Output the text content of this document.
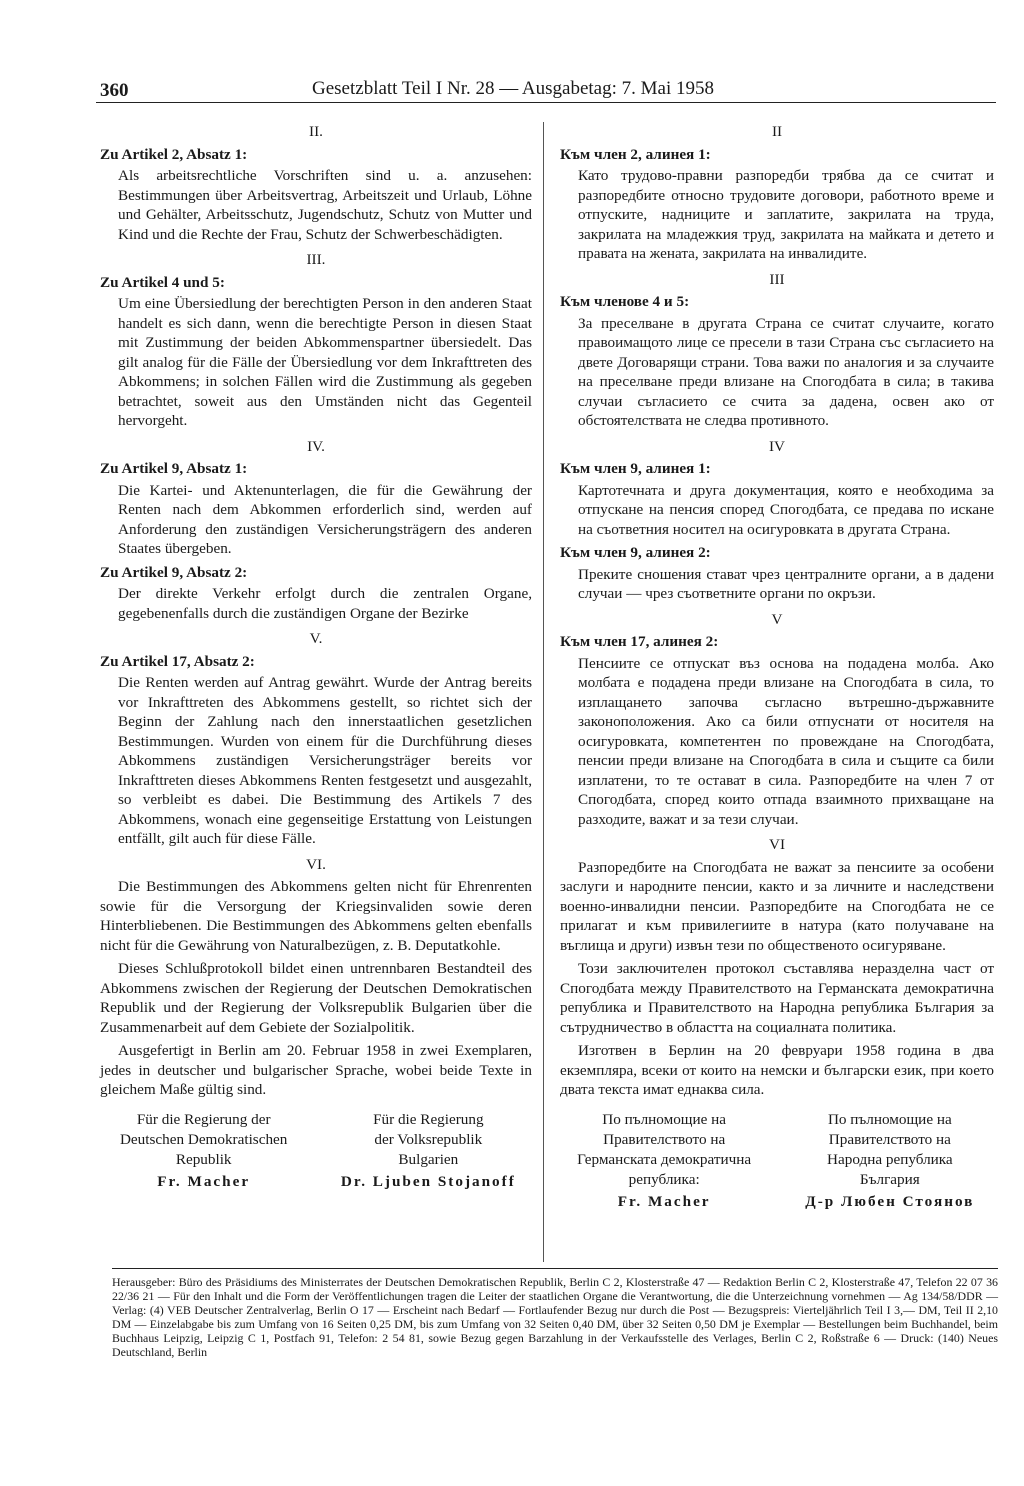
360	Gesetzblatt Teil I Nr. 28 — Ausgabetag: 7. Mai 1958
II.
Zu Artikel 2, Absatz 1:

Als arbeitsrechtliche Vorschriften sind u. a. anzusehen: Bestimmungen über Arbeitsvertrag, Arbeitszeit und Urlaub, Löhne und Gehälter, Arbeitsschutz, Jugendschutz, Schutz von Mutter und Kind und die Rechte der Frau, Schutz der Schwerbeschädigten.

III.
Zu Artikel 4 und 5:

Um eine Übersiedlung der berechtigten Person in den anderen Staat handelt es sich dann, wenn die berechtigte Person in diesen Staat mit Zustimmung der beiden Abkommenspartner übersiedelt. Das gilt analog für die Fälle der Übersiedlung vor dem Inkrafttreten des Abkommens; in solchen Fällen wird die Zustimmung als gegeben betrachtet, soweit aus den Umständen nicht das Gegenteil hervorgeht.

IV.
Zu Artikel 9, Absatz 1:

Die Kartei- und Aktenunterlagen, die für die Gewährung der Renten nach dem Abkommen erforderlich sind, werden auf Anforderung den zuständigen Versicherungsträgern des anderen Staates übergeben.

Zu Artikel 9, Absatz 2:

Der direkte Verkehr erfolgt durch die zentralen Organe, gegebenenfalls durch die zuständigen Organe der Bezirke

V.
Zu Artikel 17, Absatz 2:

Die Renten werden auf Antrag gewährt. Wurde der Antrag bereits vor Inkrafttreten des Abkommens gestellt, so richtet sich der Beginn der Zahlung nach den innerstaatlichen gesetzlichen Bestimmungen. Wurden von einem für die Durchführung dieses Abkommens zuständigen Versicherungsträger bereits vor Inkrafttreten dieses Abkommens Renten festgesetzt und ausgezahlt, so verbleibt es dabei. Die Bestimmung des Artikels 7 des Abkommens, wonach eine gegenseitige Erstattung von Leistungen entfällt, gilt auch für diese Fälle.

VI.

Die Bestimmungen des Abkommens gelten nicht für Ehrenrenten sowie für die Versorgung der Kriegsinvaliden sowie deren Hinterbliebenen. Die Bestimmungen des Abkommens gelten ebenfalls nicht für die Gewährung von Naturalbezügen, z. B. Deputatkohle.

Dieses Schlußprotokoll bildet einen untrennbaren Bestandteil des Abkommens zwischen der Regierung der Deutschen Demokratischen Republik und der Regierung der Volksrepublik Bulgarien über die Zusammenarbeit auf dem Gebiete der Sozialpolitik.

Ausgefertigt in Berlin am 20. Februar 1958 in zwei Exemplaren, jedes in deutscher und bulgarischer Sprache, wobei beide Texte in gleichem Maße gültig sind.

Für die Regierung der
Deutschen Demokratischen
Republik
Fr. Macher
Für die Regierung
der Volksrepublik
Bulgarien
Dr. Ljuben Stojanoff
II
Към член 2, алинея 1:

Като трудово-правни разпоредби трябва да се считат и разпоредбите относно трудовите договори, работното време и отпуските, надниците и заплатите, закрилата на труда, закрилата на младежкия труд, закрилата на майката и детето и правата на жената, закрилата на инвалидите.

III
Към членове 4 и 5:

За преселване в другата Страна се считат случаите, когато правоимащото лице се пресели в тази Страна със съгласието на двете Договарящи страни. Това важи по аналогия и за случаите на преселване преди влизане на Спогодбата в сила; в такива случаи съгласието се счита за дадена, освен ако от обстоятелствата не следва противното.

IV
Към член 9, алинея 1:

Картотечната и друга документация, която е необходима за отпускане на пенсия според Спогодбата, се предава по искане на съответния носител на осигуровката в другата Страна.

Към член 9, алинея 2:

Преките сношения стават чрез централните органи, а в дадени случаи — чрез съответните органи по окръзи.

V
Към член 17, алинея 2:

Пенсиите се отпускат въз основа на подадена молба. Ако молбата е подадена преди влизане на Спогодбата в сила, то изплащането започва съгласно вътрешно-държавните законоположения. Ако са били отпуснати от носителя на осигуровката, компетентен по провеждане на Спогодбата, пенсии преди влизане на Спогодбата в сила и същите са били изплатени, то те остават в сила. Разпоредбите на член 7 от Спогодбата, според които отпада взаимното прихващане на разходите, важат и за тези случаи.

VI

Разпоредбите на Спогодбата не важат за пенсиите за особени заслуги и народните пенсии, както и за личните и наследствени военно-инвалидни пенсии. Разпоредбите на Спогодбата не се прилагат и към привилегиите в натура (като получаване на въглища и други) извън тези по общественото осигуряване.

Този заключителен протокол съставлява неразделна част от Спогодбата между Правителството на Германската демократична република и Правителството на Народна република България за сътрудничество в областта на социалната политика.

Изготвен в Берлин на 20 февруари 1958 година в два екземпляра, всеки от които на немски и български език, при което двата текста имат еднаква сила.

По пълномощие на
Правителството на
Германската демократична
република:
Fr. Macher
По пълномощие на
Правителството на
Народна република
България
Д-р Любен Стоянов
Herausgeber: Büro des Präsidiums des Ministerrates der Deutschen Demokratischen Republik, Berlin C 2, Klosterstraße 47 — Redaktion Berlin C 2, Klosterstraße 47, Telefon 22 07 36 22/36 21 — Für den Inhalt und die Form der Veröffentlichungen tragen die Leiter der staatlichen Organe die Verantwortung, die die Unterzeichnung vornehmen — Ag 134/58/DDR — Verlag: (4) VEB Deutscher Zentralverlag, Berlin O 17 — Erscheint nach Bedarf — Fortlaufender Bezug nur durch die Post — Bezugspreis: Vierteljährlich Teil I 3,— DM, Teil II 2,10 DM — Einzelabgabe bis zum Umfang von 16 Seiten 0,25 DM, bis zum Umfang von 32 Seiten 0,40 DM, über 32 Seiten 0,50 DM je Exemplar — Bestellungen beim Buchhandel, beim Buchhaus Leipzig, Leipzig C 1, Postfach 91, Telefon: 2 54 81, sowie Bezug gegen Barzahlung in der Verkaufsstelle des Verlages, Berlin C 2, Roßstraße 6 — Druck: (140) Neues Deutschland, Berlin
